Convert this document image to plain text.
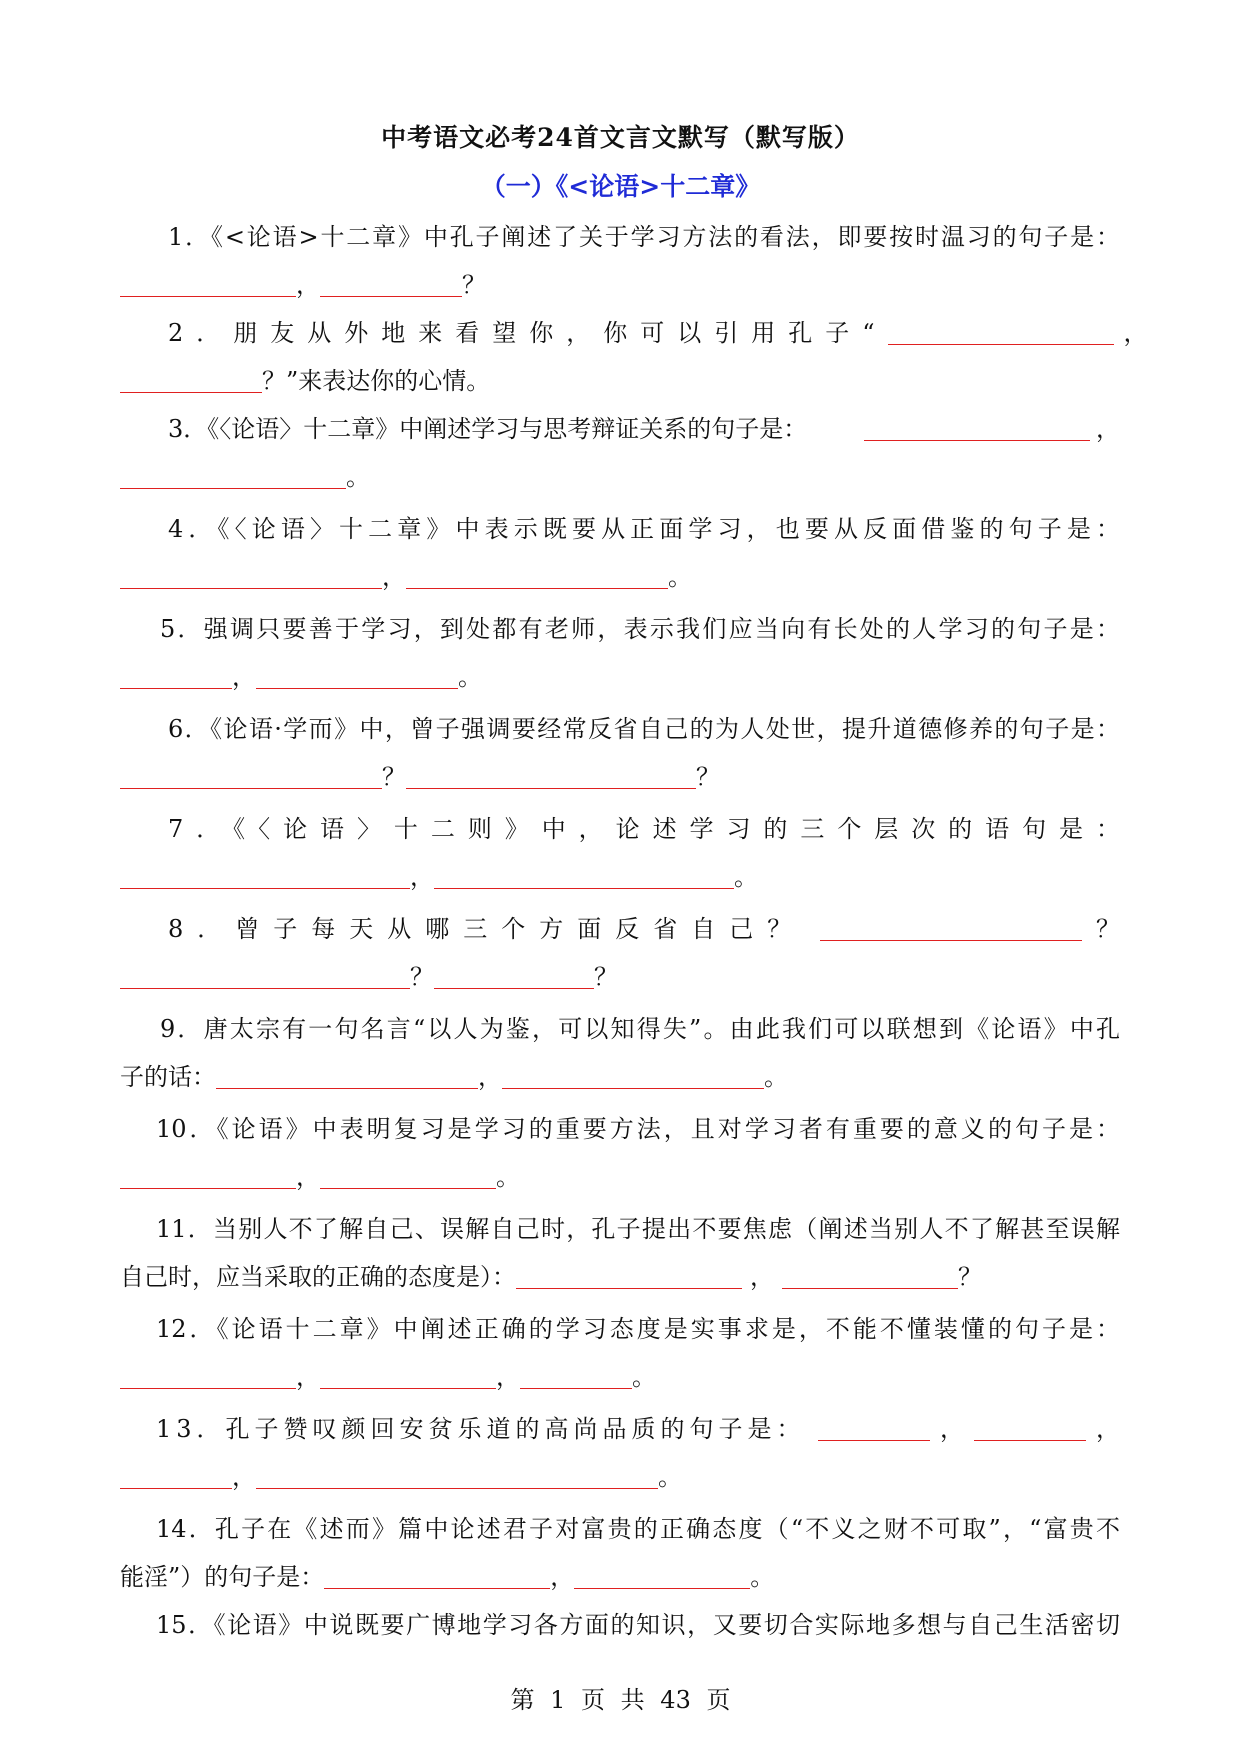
中考语文必考24首文言文默写（默写版）
（一）《<论语>十二章》
1．《<论语>十二章》中孔子阐述了关于学习方法的看法，即要按时温习的句子是：
，	？
2．朋友从外地来看望你，你可以引用孔子“	，
？”来表达你的心情。
3．《〈论语〉十二章》中阐述学习与思考辩证关系的句子是：	，
。
4．《〈论语〉十二章》中表示既要从正面学习，也要从反面借鉴的句子是：
，	。
5．强调只要善于学习，到处都有老师，表示我们应当向有长处的人学习的句子是：
，	。
6．《论语·学而》中，曾子强调要经常反省自己的为人处世，提升道德修养的句子是：
？	？
7．《〈论语〉十二则》中，论述学习的三个层次的语句是：
，	。
8．曾子每天从哪三个方面反省自己？	？
？	？
9．唐太宗有一句名言“以人为鉴，可以知得失”。由此我们可以联想到《论语》中孔
子的话：	，	。
10．《论语》中表明复习是学习的重要方法，且对学习者有重要的意义的句子是：
，	。
11．当别人不了解自己、误解自己时，孔子提出不要焦虑（阐述当别人不了解甚至误解
自己时，应当采取的正确的态度是）：	，	？
12．《论语十二章》中阐述正确的学习态度是实事求是，不能不懂装懂的句子是：
，	，	。
13．孔子赞叹颜回安贫乐道的高尚品质的句子是：	，	，
，	。
14．孔子在《述而》篇中论述君子对富贵的正确态度（“不义之财不可取”，“富贵不
能淫”）的句子是：	，	。
15．《论语》中说既要广博地学习各方面的知识，又要切合实际地多想与自己生活密切
第 1 页 共 43 页
